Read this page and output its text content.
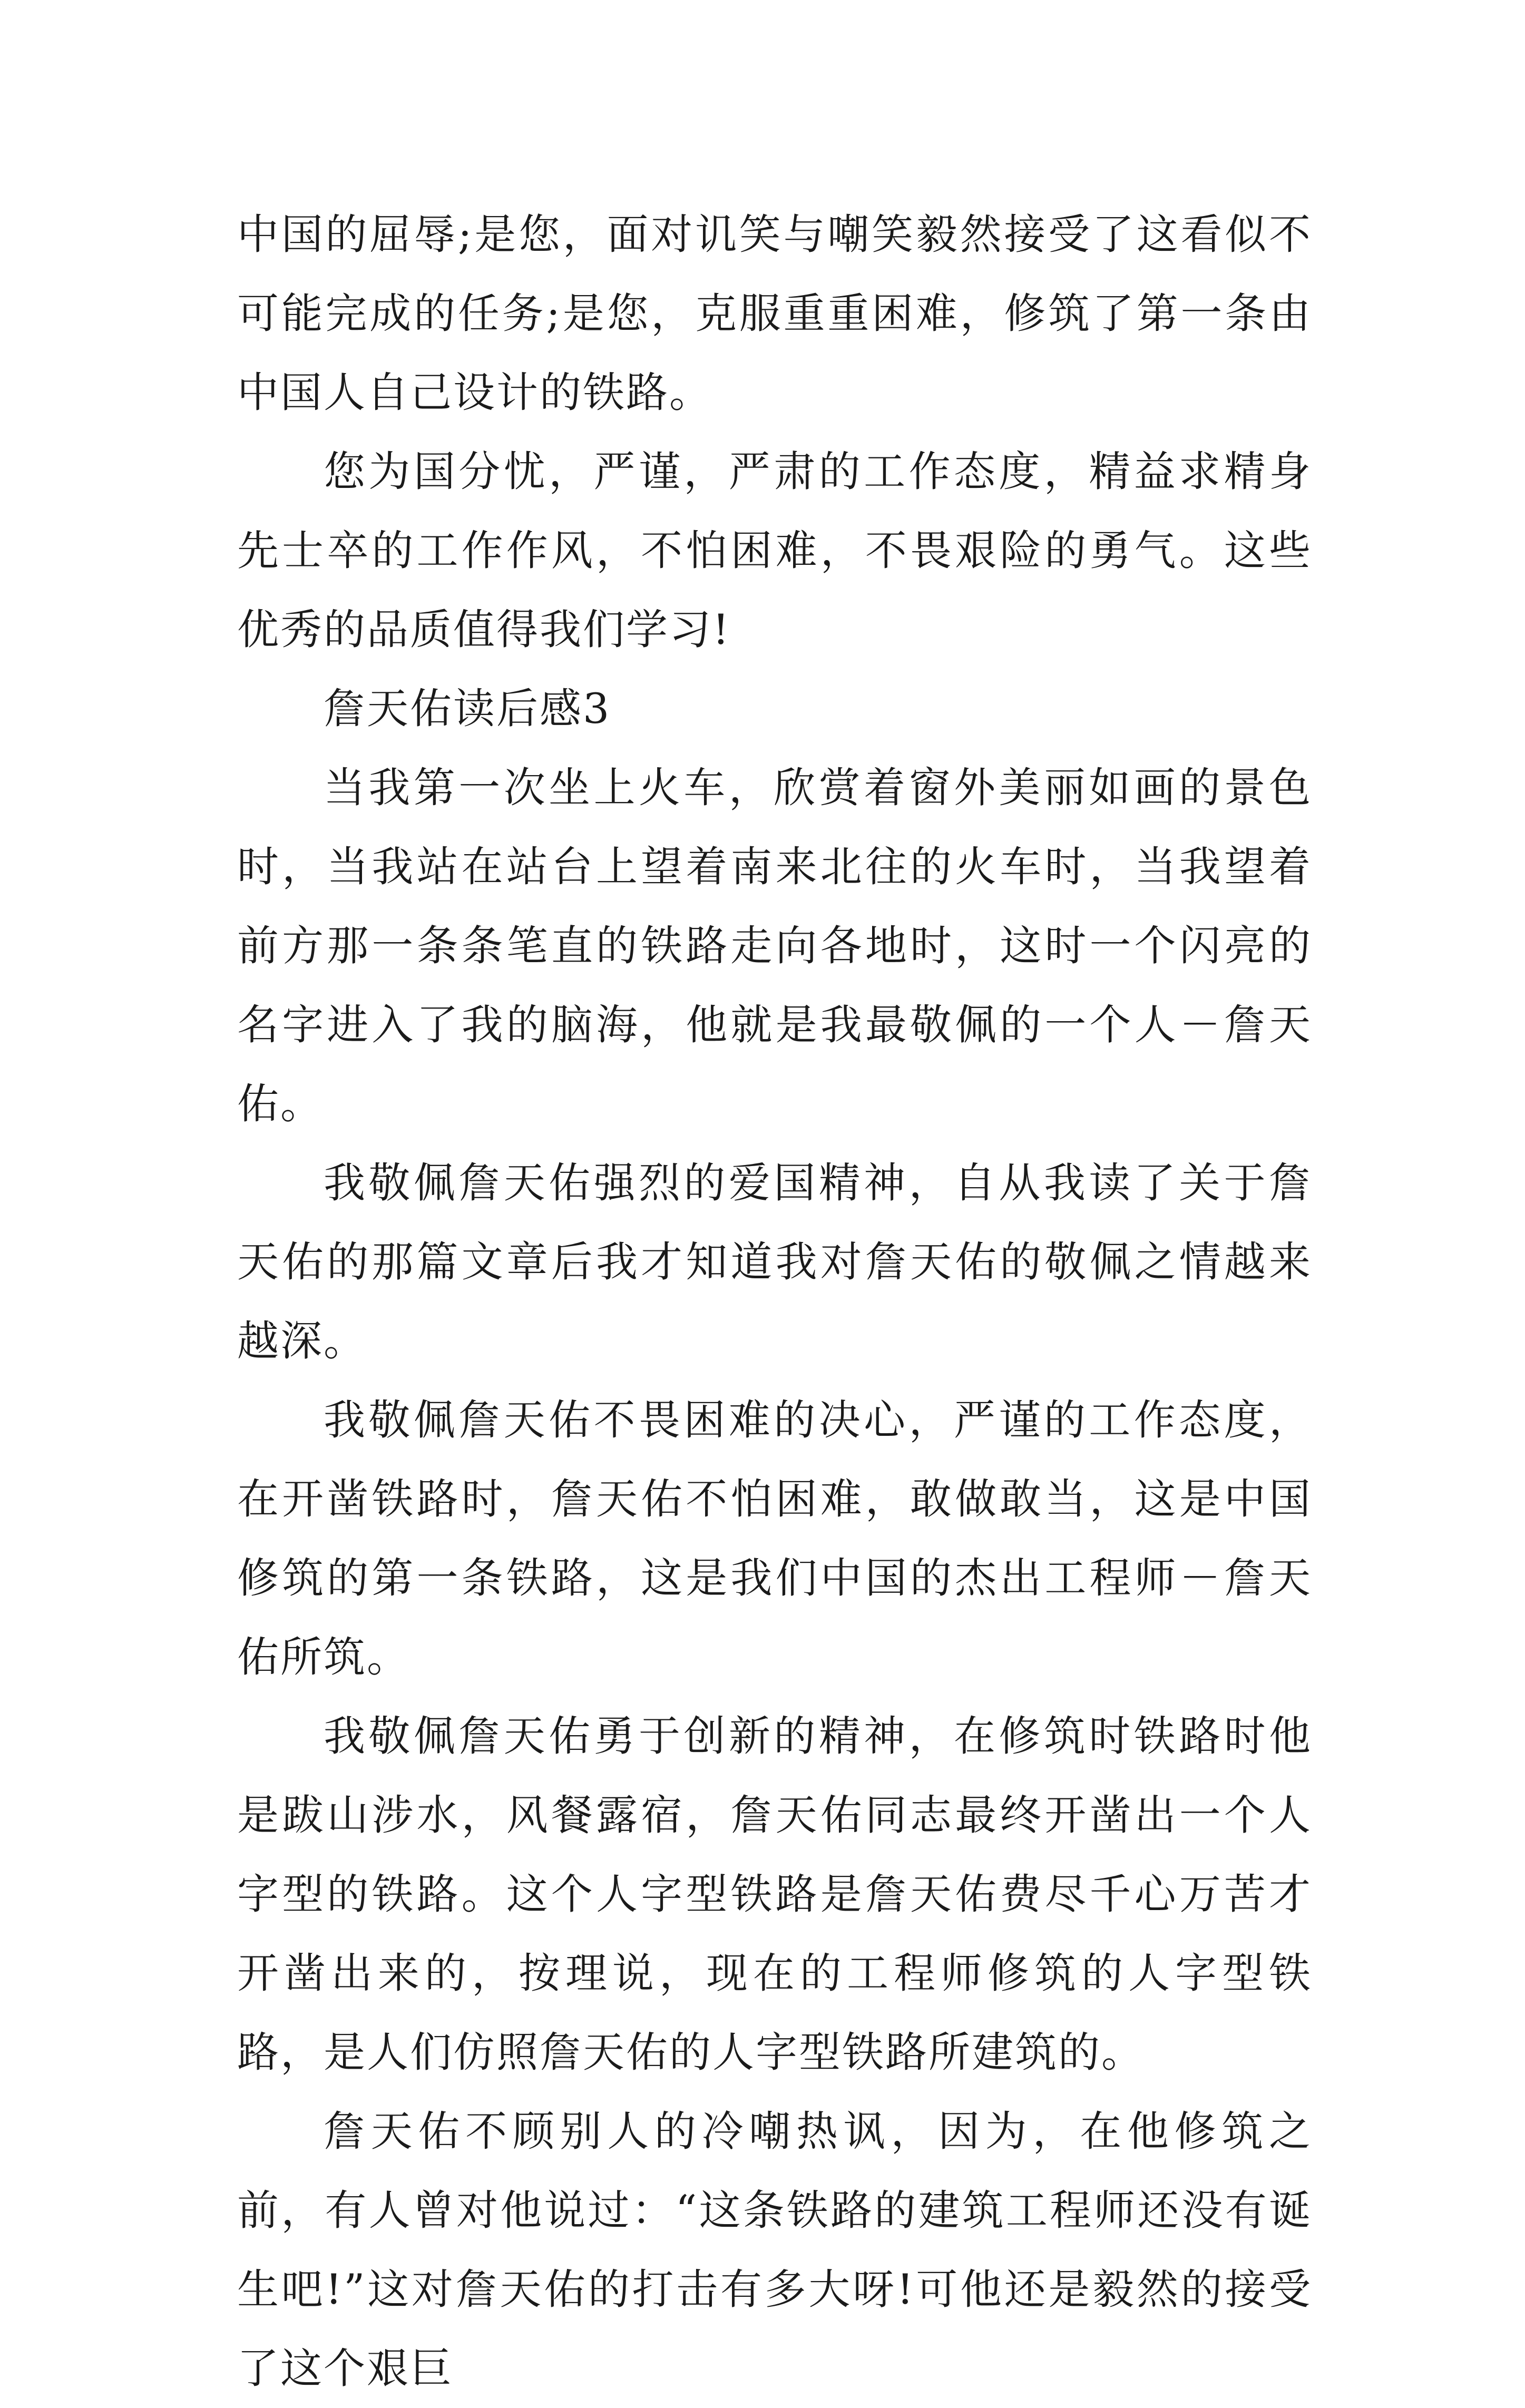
中国的屈辱;是您，面对讥笑与嘲笑毅然接受了这看似不可能完成的任务;是您，克服重重困难，修筑了第一条由中国人自己设计的铁路。

您为国分忧，严谨，严肃的工作态度，精益求精身先士卒的工作作风，不怕困难，不畏艰险的勇气。这些优秀的品质值得我们学习!

詹天佑读后感3

当我第一次坐上火车，欣赏着窗外美丽如画的景色时，当我站在站台上望着南来北往的火车时，当我望着前方那一条条笔直的铁路走向各地时，这时一个闪亮的名字进入了我的脑海，他就是我最敬佩的一个人－詹天佑。

我敬佩詹天佑强烈的爱国精神，自从我读了关于詹天佑的那篇文章后我才知道我对詹天佑的敬佩之情越来越深。

我敬佩詹天佑不畏困难的决心，严谨的工作态度，在开凿铁路时，詹天佑不怕困难，敢做敢当，这是中国修筑的第一条铁路，这是我们中国的杰出工程师－詹天佑所筑。

我敬佩詹天佑勇于创新的精神，在修筑时铁路时他是跋山涉水，风餐露宿，詹天佑同志最终开凿出一个人字型的铁路。这个人字型铁路是詹天佑费尽千心万苦才开凿出来的，按理说，现在的工程师修筑的人字型铁路，是人们仿照詹天佑的人字型铁路所建筑的。

詹天佑不顾别人的冷嘲热讽，因为，在他修筑之前，有人曾对他说过：“这条铁路的建筑工程师还没有诞生吧!”这对詹天佑的打击有多大呀!可他还是毅然的接受了这个艰巨
